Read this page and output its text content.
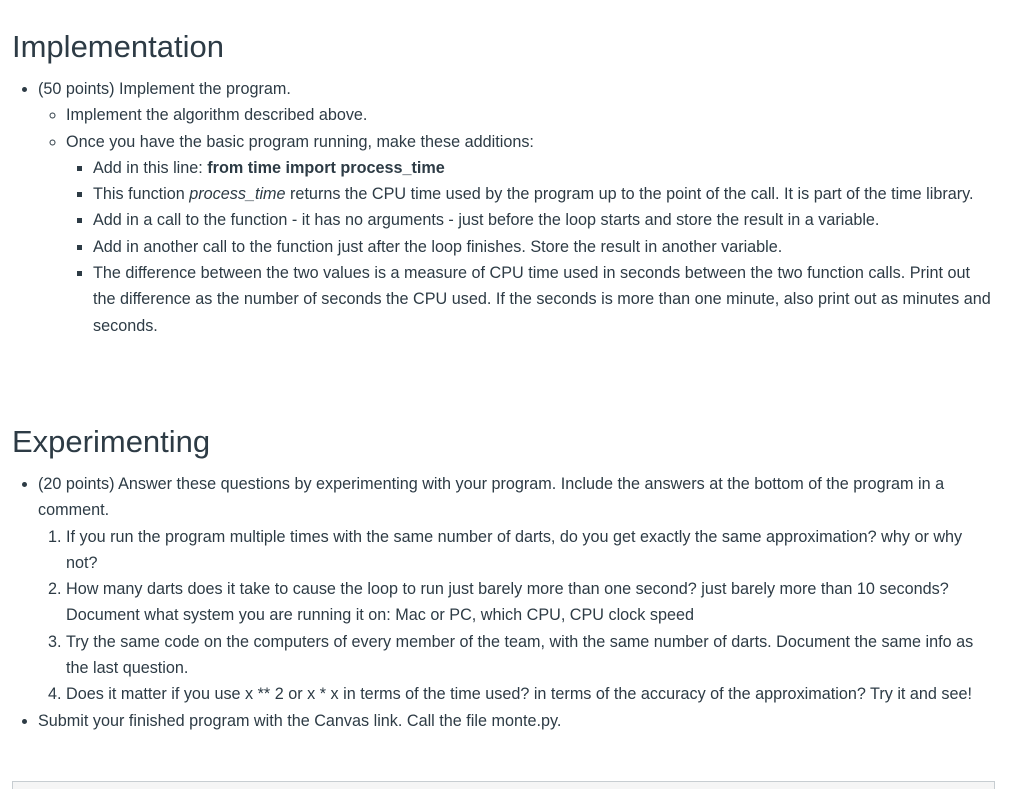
Implementation
• (50 points) Implement the program.
◦ Implement the algorithm described above.
◦ Once you have the basic program running, make these additions:
▪ Add in this line: from time import process_time
▪ This function process_time returns the CPU time used by the program up to the point of the call. It is part of the time library.
▪ Add in a call to the function - it has no arguments - just before the loop starts and store the result in a variable.
▪ Add in another call to the function just after the loop finishes. Store the result in another variable.
▪ The difference between the two values is a measure of CPU time used in seconds between the two function calls. Print out the difference as the number of seconds the CPU used. If the seconds is more than one minute, also print out as minutes and seconds.
Experimenting
• (20 points) Answer these questions by experimenting with your program. Include the answers at the bottom of the program in a comment.
1. If you run the program multiple times with the same number of darts, do you get exactly the same approximation? why or why not?
2. How many darts does it take to cause the loop to run just barely more than one second? just barely more than 10 seconds? Document what system you are running it on: Mac or PC, which CPU, CPU clock speed
3. Try the same code on the computers of every member of the team, with the same number of darts. Document the same info as the last question.
4. Does it matter if you use x ** 2 or x * x in terms of the time used? in terms of the accuracy of the approximation? Try it and see!
• Submit your finished program with the Canvas link. Call the file monte.py.
